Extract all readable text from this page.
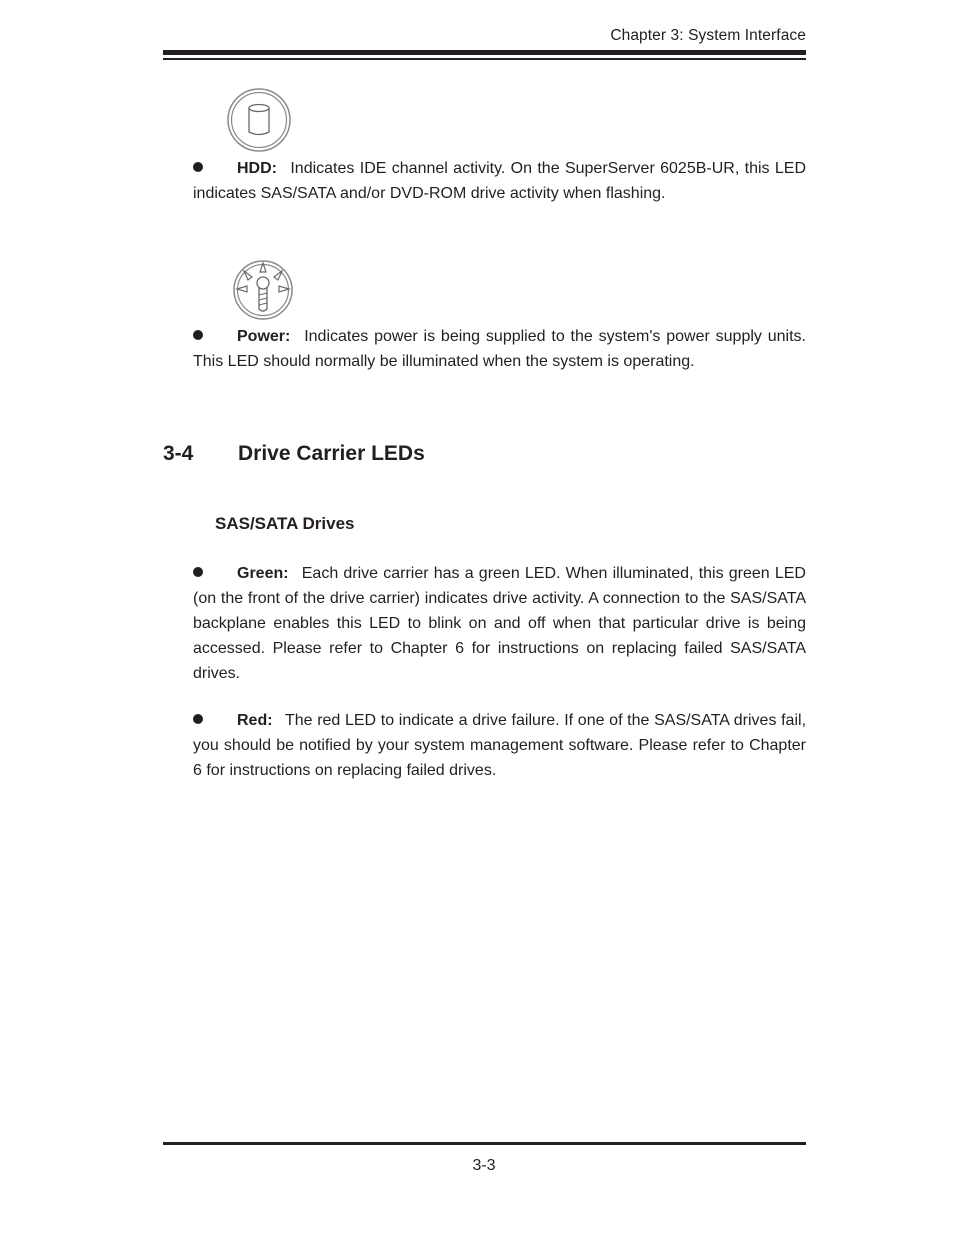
Chapter 3: System Interface
HDD: Indicates IDE channel activity. On the SuperServer 6025B-UR, this LED indicates SAS/SATA and/or DVD-ROM drive activity when flashing.
Power: Indicates power is being supplied to the system's power supply units. This LED should normally be illuminated when the system is operating.
3-4 Drive Carrier LEDs
SAS/SATA Drives
Green: Each drive carrier has a green LED. When illuminated, this green LED (on the front of the drive carrier) indicates drive activity. A connection to the SAS/SATA backplane enables this LED to blink on and off when that particular drive is being accessed. Please refer to Chapter 6 for instructions on replacing failed SAS/SATA drives.
Red: The red LED to indicate a drive failure. If one of the SAS/SATA drives fail, you should be notified by your system management software. Please refer to Chapter 6 for instructions on replacing failed drives.
3-3
